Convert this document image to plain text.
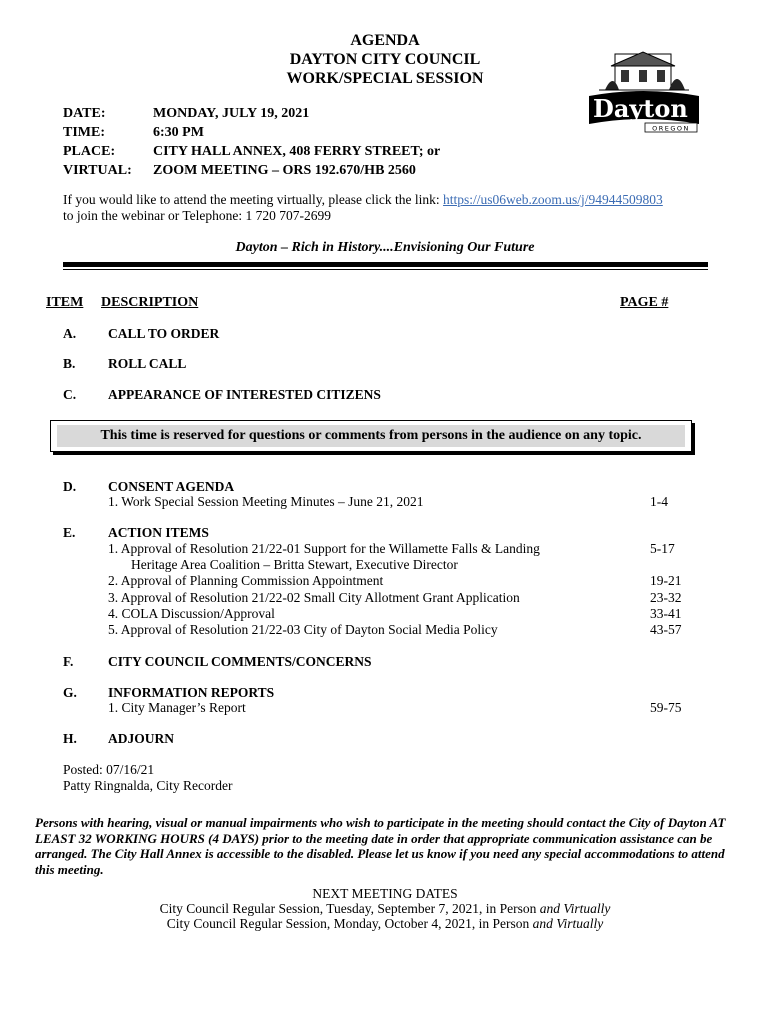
AGENDA
DAYTON CITY COUNCIL
WORK/SPECIAL SESSION
Dayton
OREGON
DATE:	MONDAY, JULY 19, 2021
TIME:	6:30 PM
PLACE:	CITY HALL ANNEX, 408 FERRY STREET; or
VIRTUAL: ZOOM MEETING – ORS 192.670/HB 2560
If you would like to attend the meeting virtually, please click the link: https://us06web.zoom.us/j/94944509803
to join the webinar or Telephone: 1 720 707-2699
Dayton – Rich in History....Envisioning Our Future
ITEM DESCRIPTION	PAGE #
A. CALL TO ORDER
B. ROLL CALL
C. APPEARANCE OF INTERESTED CITIZENS
This time is reserved for questions or comments from persons in the audience on any topic.
D. CONSENT AGENDA
1. Work Special Session Meeting Minutes – June 21, 2021	1-4
E. ACTION ITEMS
1. Approval of Resolution 21/22-01 Support for the Willamette Falls & Landing	5-17
Heritage Area Coalition – Britta Stewart, Executive Director
2. Approval of Planning Commission Appointment	19-21
3. Approval of Resolution 21/22-02 Small City Allotment Grant Application	23-32
4. COLA Discussion/Approval	33-41
5. Approval of Resolution 21/22-03 City of Dayton Social Media Policy	43-57
F.	CITY COUNCIL COMMENTS/CONCERNS
G. INFORMATION REPORTS
1. City Manager’s Report	59-75
H. ADJOURN
Posted: 07/16/21
Patty Ringnalda, City Recorder
Persons with hearing, visual or manual impairments who wish to participate in the meeting should contact the City of Dayton AT LEAST 32 WORKING HOURS (4 DAYS) prior to the meeting date in order that appropriate communication assistance can be arranged. The City Hall Annex is accessible to the disabled. Please let us know if you need any special accommodations to attend this meeting.
NEXT MEETING DATES
City Council Regular Session, Tuesday, September 7, 2021, in Person and Virtually
City Council Regular Session, Monday, October 4, 2021, in Person and Virtually
